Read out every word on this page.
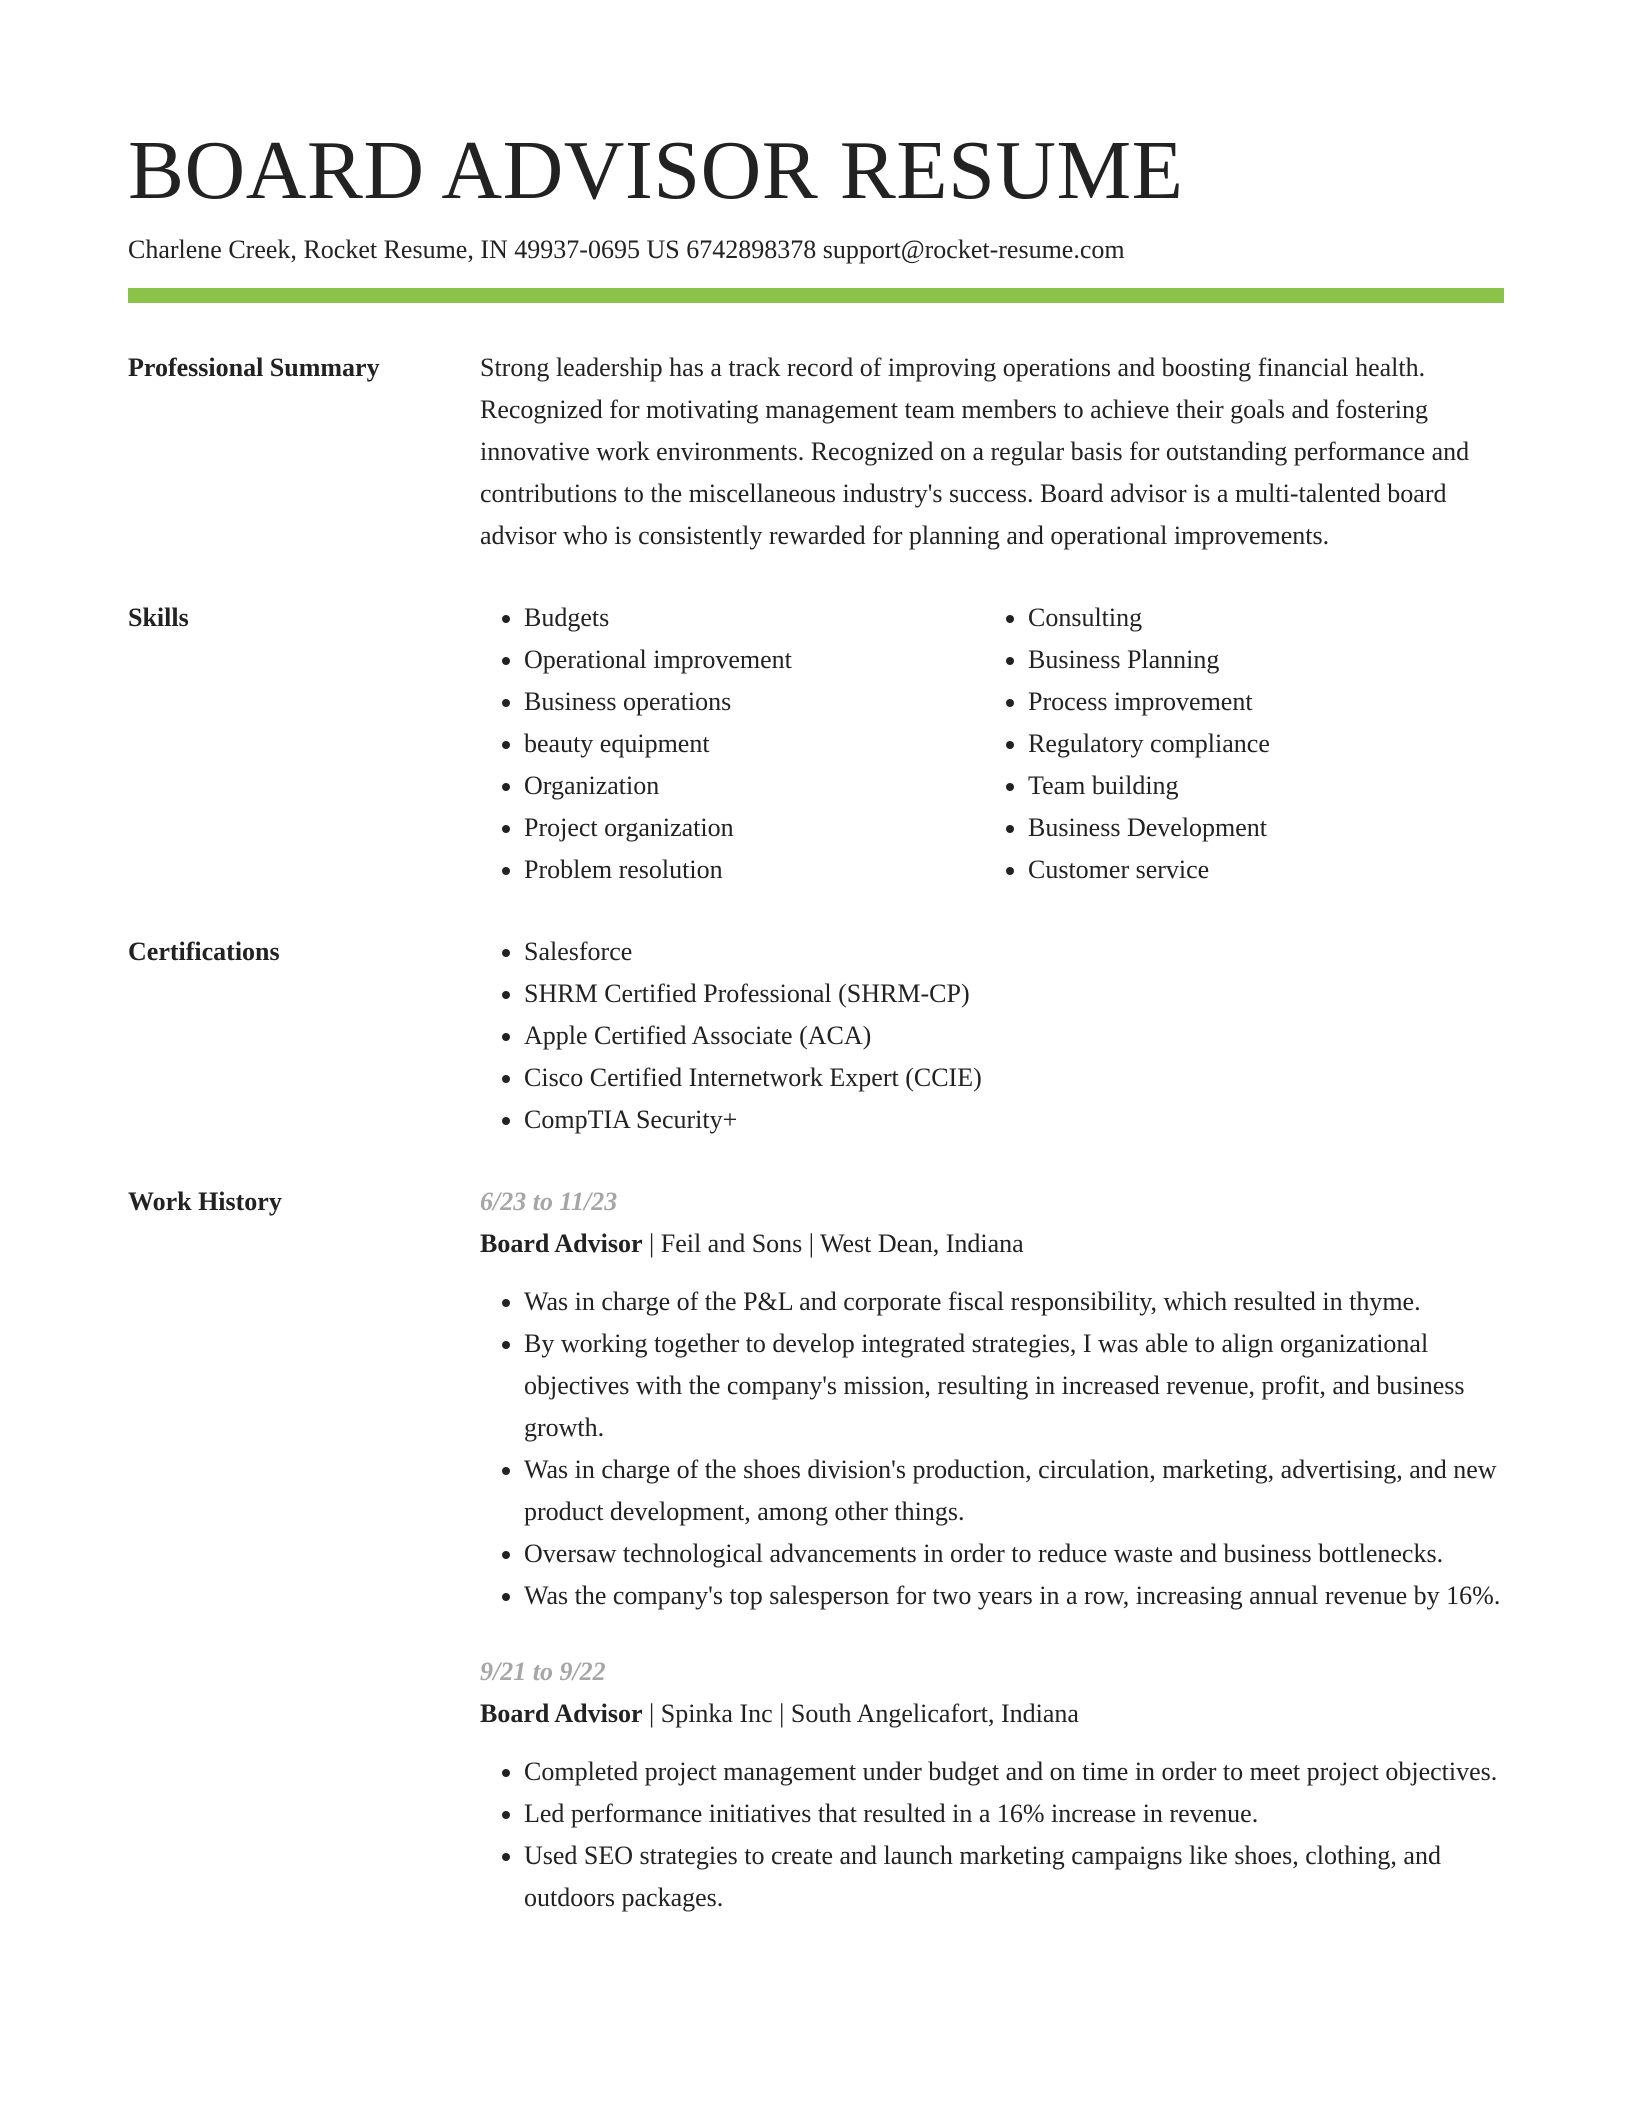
BOARD ADVISOR RESUME
Charlene Creek, Rocket Resume, IN 49937-0695 US 6742898378 support@rocket-resume.com
Professional Summary	Strong leadership has a track record of improving operations and boosting financial health. Recognized for motivating management team members to achieve their goals and fostering innovative work environments. Recognized on a regular basis for outstanding performance and contributions to the miscellaneous industry's success. Board advisor is a multi-talented board advisor who is consistently rewarded for planning and operational improvements.

Skills	• Budgets
• Operational improvement
• Business operations
• beauty equipment
• Organization
• Project organization
• Problem resolution
• Consulting
• Business Planning
• Process improvement
• Regulatory compliance
• Team building
• Business Development
• Customer service
Certifications	• Salesforce
• SHRM Certified Professional (SHRM-CP)
• Apple Certified Associate (ACA)
• Cisco Certified Internetwork Expert (CCIE)
• CompTIA Security+
Work History	6/23 to 11/23
Board Advisor | Feil and Sons | West Dean, Indiana
• Was in charge of the P&L and corporate fiscal responsibility, which resulted in thyme.
• By working together to develop integrated strategies, I was able to align organizational objectives with the company's mission, resulting in increased revenue, profit, and business growth.
• Was in charge of the shoes division's production, circulation, marketing, advertising, and new product development, among other things.
• Oversaw technological advancements in order to reduce waste and business bottlenecks.
• Was the company's top salesperson for two years in a row, increasing annual revenue by 16%.
9/21 to 9/22
Board Advisor | Spinka Inc | South Angelicafort, Indiana
• Completed project management under budget and on time in order to meet project objectives.
• Led performance initiatives that resulted in a 16% increase in revenue.
• Used SEO strategies to create and launch marketing campaigns like shoes, clothing, and outdoors packages.
